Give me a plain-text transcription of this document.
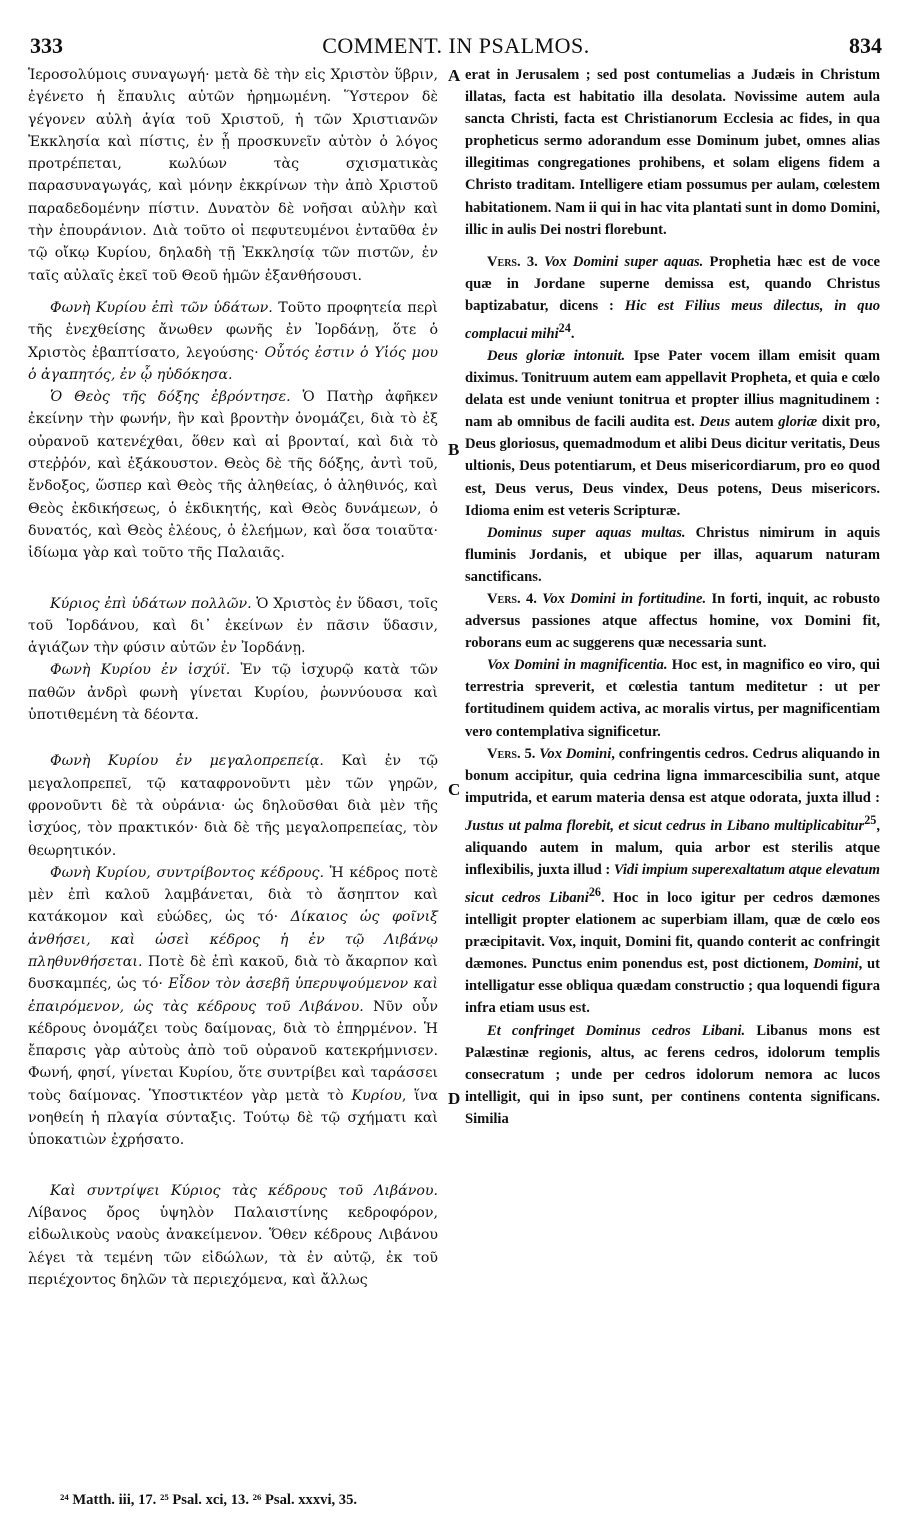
333	COMMENT. IN PSALMOS.	834
A
B
C
D

Ἱεροσολύμοις συναγωγή· μετὰ δὲ τὴν εἰς Χριστὸν ὕβριν, ἐγένετο ἡ ἔπαυλις αὐτῶν ἠρημωμένη. Ὕστερον δὲ γέγονεν αὐλὴ ἁγία τοῦ Χριστοῦ, ἡ τῶν Χριστιανῶν Ἐκκλησία καὶ πίστις, ἐν ᾗ προσκυνεῖν αὐτὸν ὁ λόγος προτρέπεται, κωλύων τὰς σχισματικὰς παρασυναγωγάς, καὶ μόνην ἐκκρίνων τὴν ἀπὸ Χριστοῦ παραδεδομένην πίστιν. Δυνατὸν δὲ νοῆσαι αὐλὴν καὶ τὴν ἐπουράνιον. Διὰ τοῦτο οἱ πεφυτευμένοι ἐνταῦθα ἐν τῷ οἴκῳ Κυρίου, δηλαδὴ τῇ Ἐκκλησίᾳ τῶν πιστῶν, ἐν ταῖς αὐλαῖς ἐκεῖ τοῦ Θεοῦ ἡμῶν ἐξανθήσουσι.

Φωνὴ Κυρίου ἐπὶ τῶν ὑδάτων. Τοῦτο προφητεία περὶ τῆς ἐνεχθείσης ἄνωθεν φωνῆς ἐν Ἰορδάνῃ, ὅτε ὁ Χριστὸς ἐβαπτίσατο, λεγούσης· Οὗτός ἐστιν ὁ Υἱός μου ὁ ἀγαπητός, ἐν ᾧ ηὐδόκησα.

Ὁ Θεὸς τῆς δόξης ἐβρόντησε. Ὁ Πατὴρ ἀφῆκεν ἐκείνην τὴν φωνήν, ἣν καὶ βροντὴν ὀνομάζει, διὰ τὸ ἐξ οὐρανοῦ κατενέχθαι, ὅθεν καὶ αἱ βρονταί, καὶ διὰ τὸ στεῤῥόν, καὶ ἐξάκουστον. Θεὸς δὲ τῆς δόξης, ἀντὶ τοῦ, ἔνδοξος, ὥσπερ καὶ Θεὸς τῆς ἀληθείας, ὁ ἀληθινός, καὶ Θεὸς ἐκδικήσεως, ὁ ἐκδικητής, καὶ Θεὸς δυνάμεων, ὁ δυνατός, καὶ Θεὸς ἐλέους, ὁ ἐλεήμων, καὶ ὅσα τοιαῦτα· ἰδίωμα γὰρ καὶ τοῦτο τῆς Παλαιᾶς.

Κύριος ἐπὶ ὑδάτων πολλῶν. Ὁ Χριστὸς ἐν ὕδασι, τοῖς τοῦ Ἰορδάνου, καὶ δι᾽ ἐκείνων ἐν πᾶσιν ὕδασιν, ἁγιάζων τὴν φύσιν αὐτῶν ἐν Ἰορδάνῃ.

Φωνὴ Κυρίου ἐν ἰσχύϊ. Ἐν τῷ ἰσχυρῷ κατὰ τῶν παθῶν ἀνδρὶ φωνὴ γίνεται Κυρίου, ῥωννύουσα καὶ ὑποτιθεμένη τὰ δέοντα.

Φωνὴ Κυρίου ἐν μεγαλοπρεπείᾳ. Καὶ ἐν τῷ μεγαλοπρεπεῖ, τῷ καταφρονοῦντι μὲν τῶν γηρῶν, φρονοῦντι δὲ τὰ οὐράνια· ὡς δηλοῦσθαι διὰ μὲν τῆς ἰσχύος, τὸν πρακτικόν· διὰ δὲ τῆς μεγαλοπρεπείας, τὸν θεωρητικόν.

Φωνὴ Κυρίου, συντρίβοντος κέδρους. Ἡ κέδρος ποτὲ μὲν ἐπὶ καλοῦ λαμβάνεται, διὰ τὸ ἄσηπτον καὶ κατάκομον καὶ εὐώδες, ὡς τό· Δίκαιος ὡς φοῖνιξ ἀνθήσει, καὶ ὡσεὶ κέδρος ἡ ἐν τῷ Λιβάνῳ πληθυνθήσεται. Ποτὲ δὲ ἐπὶ κακοῦ, διὰ τὸ ἄκαρπον καὶ δυσκαμπές, ὡς τό· Εἶδον τὸν ἀσεβῆ ὑπερυψούμενον καὶ ἐπαιρόμενον, ὡς τὰς κέδρους τοῦ Λιβάνου. Νῦν οὖν κέδρους ὀνομάζει τοὺς δαίμονας, διὰ τὸ ἐπηρμένον. Ἡ ἔπαρσις γὰρ αὐτοὺς ἀπὸ τοῦ οὐρανοῦ κατεκρήμνισεν. Φωνή, φησί, γίνεται Κυρίου, ὅτε συντρίβει καὶ ταράσσει τοὺς δαίμονας. Ὑποστικτέον γὰρ μετὰ τὸ Κυρίου, ἵνα νοηθείη ἡ πλαγία σύνταξις. Τούτῳ δὲ τῷ σχήματι καὶ ὑποκατιὼν ἐχρήσατο.

Καὶ συντρίψει Κύριος τὰς κέδρους τοῦ Λιβάνου. Λίβανος ὄρος ὑψηλὸν Παλαιστίνης κεδροφόρον, εἰδωλικοὺς ναοὺς ἀνακείμενον. Ὅθεν κέδρους Λιβάνου λέγει τὰ τεμένη τῶν εἰδώλων, τὰ ἐν αὐτῷ, ἐκ τοῦ περιέχοντος δηλῶν τὰ περιεχόμενα, καὶ ἄλλως

erat in Jerusalem ; sed post contumelias a Judæis in Christum illatas, facta est habitatio illa desolata. Novissime autem aula sancta Christi, facta est Christianorum Ecclesia ac fides, in qua propheticus sermo adorandum esse Dominum jubet, omnes alias illegitimas congregationes prohibens, et solam eligens fidem a Christo traditam. Intelligere etiam possumus per aulam, cœlestem habitationem. Nam ii qui in hac vita plantati sunt in domo Domini, illic in aulis Dei nostri florebunt.

Vers. 3. Vox Domini super aquas. Prophetia hæc est de voce quæ in Jordane superne demissa est, quando Christus baptizabatur, dicens : Hic est Filius meus dilectus, in quo complacui mihi$^{24}$.

Deus gloriæ intonuit. Ipse Pater vocem illam emisit quam diximus. Tonitruum autem eam appellavit Propheta, et quia e cœlo delata est unde veniunt tonitrua et propter illius magnitudinem : nam ab omnibus de facili audita est. Deus autem gloriæ dixit pro, Deus gloriosus, quemadmodum et alibi Deus dicitur veritatis, Deus ultionis, Deus potentiarum, et Deus misericordiarum, pro eo quod est, Deus verus, Deus vindex, Deus potens, Deus misericors. Idioma enim est veteris Scripturæ.

Dominus super aquas multas. Christus nimirum in aquis fluminis Jordanis, et ubique per illas, aquarum naturam sanctificans.

Vers. 4. Vox Domini in fortitudine. In forti, inquit, ac robusto adversus passiones atque affectus homine, vox Domini fit, roborans eum ac suggerens quæ necessaria sunt.

Vox Domini in magnificentia. Hoc est, in magnifico eo viro, qui terrestria spreverit, et cœlestia tantum meditetur : ut per fortitudinem quidem activa, ac moralis virtus, per magnificentiam vero contemplativa significetur.

Vers. 5. Vox Domini, confringentis cedros. Cedrus aliquando in bonum accipitur, quia cedrina ligna immarcescibilia sunt, atque imputrida, et earum materia densa est atque odorata, juxta illud : Justus ut palma florebit, et sicut cedrus in Libano multiplicabitur$^{25}$, aliquando autem in malum, quia arbor est sterilis atque inflexibilis, juxta illud : Vidi impium superexaltatum atque elevatum sicut cedros Libani$^{26}$. Hoc in loco igitur per cedros dæmones intelligit propter elationem ac superbiam illam, quæ de cœlo eos præcipitavit. Vox, inquit, Domini fit, quando conterit ac confringit dæmones. Punctus enim ponendus est, post dictionem, Domini, ut intelligatur esse obliqua quædam constructio ; qua loquendi figura infra etiam usus est.

Et confringet Dominus cedros Libani. Libanus mons est Palæstinæ regionis, altus, ac ferens cedros, idolorum templis consecratum ; unde per cedros idolorum nemora ac lucos intelligit, qui in ipso sunt, per continens contenta significans. Similia

²⁴ Matth. iii, 17. ²⁵ Psal. xci, 13. ²⁶ Psal. xxxvi, 35.
